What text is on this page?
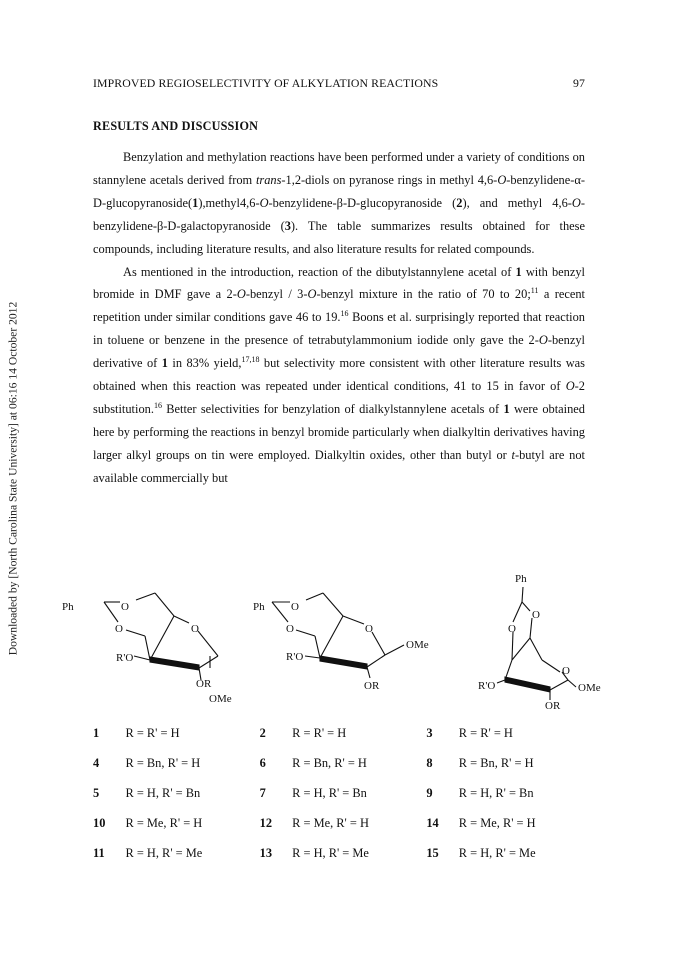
Downloaded by [North Carolina State University] at 06:16 14 October 2012
IMPROVED REGIOSELECTIVITY OF ALKYLATION REACTIONS	97
RESULTS AND DISCUSSION

Benzylation and methylation reactions have been performed under a variety of conditions on stannylene acetals derived from trans-1,2-diols on pyranose rings in methyl 4,6-O-benzylidene-α-D-glucopyranoside(1),methyl4,6-O-benzylidene-β-D-glucopyranoside (2), and methyl 4,6-O-benzylidene-β-D-galactopyranoside (3). The table summarizes results obtained for these compounds, including literature results, and also literature results for related compounds.

As mentioned in the introduction, reaction of the dibutylstannylene acetal of 1 with benzyl bromide in DMF gave a 2-O-benzyl / 3-O-benzyl mixture in the ratio of 70 to 20;$^{11}$ a recent repetition under similar conditions gave 46 to 19.16 Boons et al. surprisingly reported that reaction in toluene or benzene in the presence of tetrabutylammonium iodide only gave the 2-O-benzyl derivative of 1 in 83% yield,$^{17,18}$ but selectivity more consistent with other literature results was obtained when this reaction was repeated under identical conditions, 41 to 15 in favor of O-2 substitution.$^{16}$ Better selectivities for benzylation of dialkylstannylene acetals of 1 were obtained here by performing the reactions in benzyl bromide particularly when dialkyltin derivatives having larger alkyl groups on tin were employed. Dialkyltin oxides, other than butyl or t-butyl are not available commercially but

Ph	O
O	O
R'O
OR
OMe
Ph O
O	O
R'O
OMe
OR
Ph
O
O
O
R'O	OMe
OR
1	R = R' = H	2	R = R' = H	3	R = R' = H
4	R = Bn, R' = H	6	R = Bn, R' = H	8	R = Bn, R' = H
5	R = H, R' = Bn	7	R = H, R' = Bn	9	R = H, R' = Bn
10	R = Me, R' = H	12	R = Me, R' = H	14	R = Me, R' = H
11	R = H, R' = Me	13	R = H, R' = Me	15	R = H, R' = Me
